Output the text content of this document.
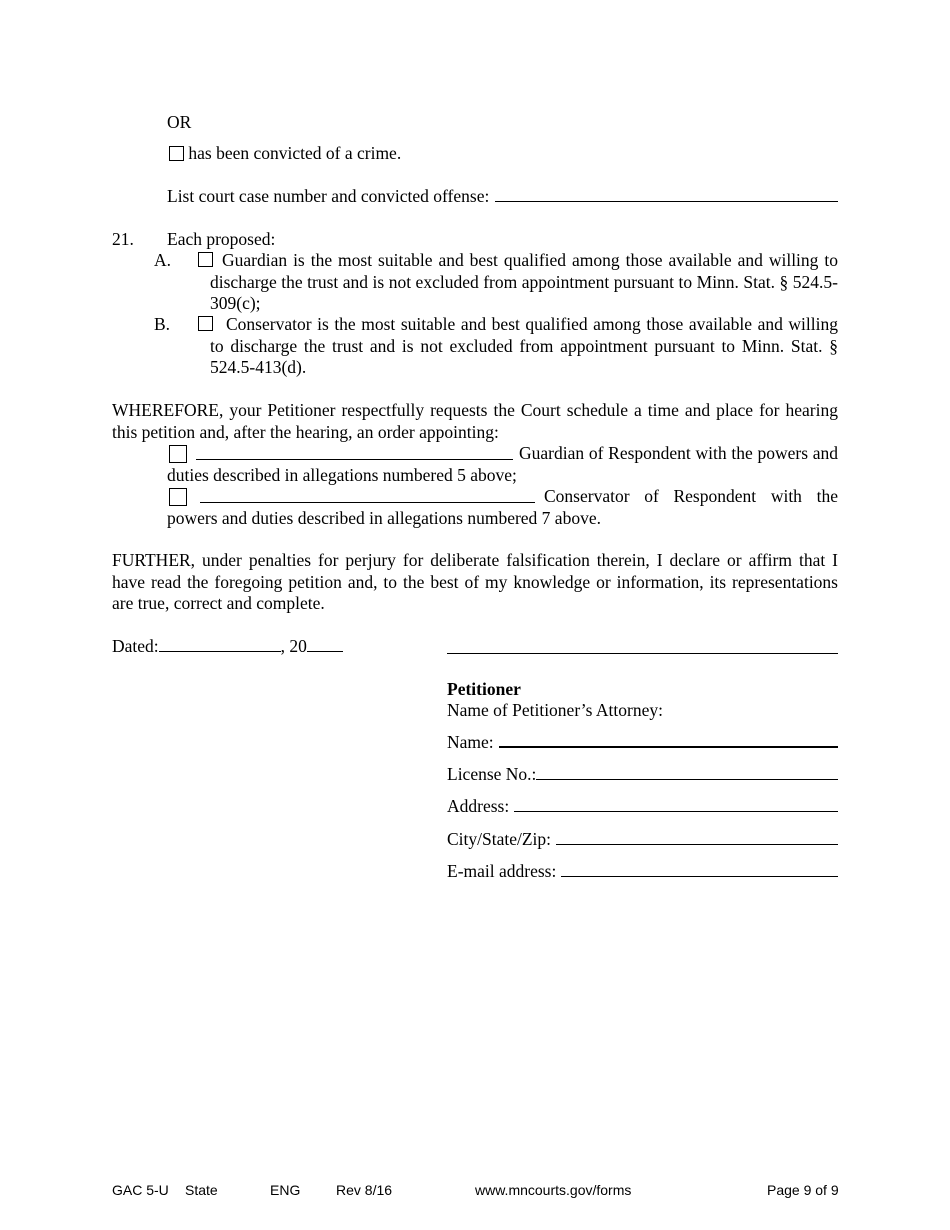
OR
has been convicted of a crime.
List court case number and convicted offense:
21. Each proposed:
A.	Guardian is the most suitable and best qualified among those available and willing to discharge the trust and is not excluded from appointment pursuant to Minn. Stat. § 524.5-309(c);
B.	Conservator is the most suitable and best qualified among those available and willing to discharge the trust and is not excluded from appointment pursuant to Minn. Stat. § 524.5-413(d).
WHEREFORE, your Petitioner respectfully requests the Court schedule a time and place for hearing this petition and, after the hearing, an order appointing:
Guardian of Respondent with the powers and duties described in allegations numbered 5 above;
Conservator of Respondent with the powers and duties described in allegations numbered 7 above.
FURTHER, under penalties for perjury for deliberate falsification therein, I declare or affirm that I have read the foregoing petition and, to the best of my knowledge or information, its representations are true, correct and complete.
Dated:	, 20
Petitioner
Name of Petitioner’s Attorney:
Name:
License No.:
Address:
City/State/Zip:
E-mail address:
GAC 5-U State	ENG	Rev 8/16	www.mncourts.gov/forms	Page 9 of 9
